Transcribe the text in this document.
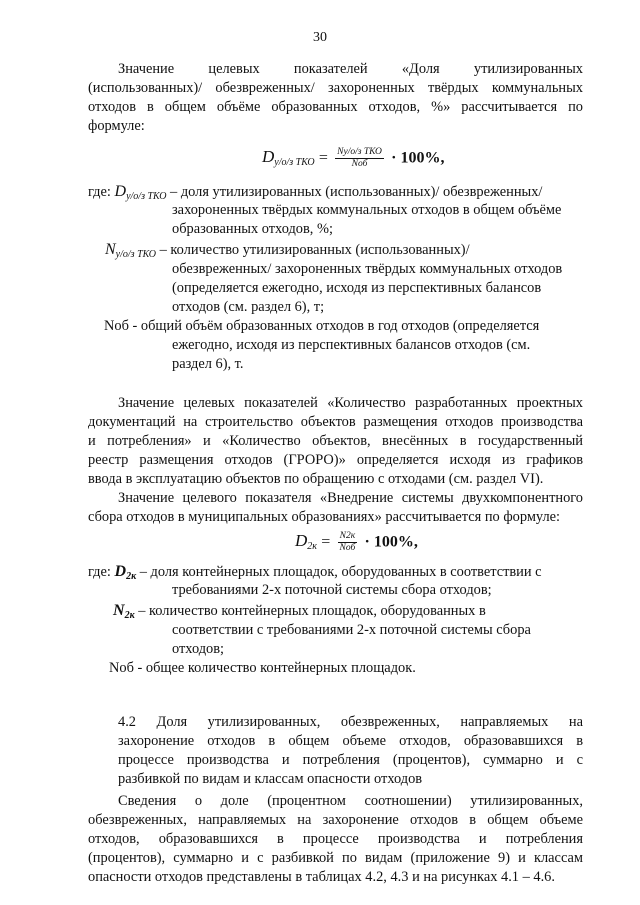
30
Значение целевых показателей «Доля утилизированных
(использованных)/ обезвреженных/ захороненных твёрдых коммунальных
отходов в общем объёме образованных отходов, %» рассчитывается по
формуле:
$D_{у/о/з ТКО} = \frac{\text{Nу/о/з ТКО}}{\text{Nоб}} \cdot 100\%$,
где: $D_{у/о/з ТКО}$ – доля утилизированных (использованных)/ обезвреженных/
захороненных твёрдых коммунальных отходов в общем объёме
образованных отходов, %;
$N_{у/о/з ТКО}$ – количество утилизированных (использованных)/
обезвреженных/ захороненных твёрдых коммунальных отходов
(определяется ежегодно, исходя из перспективных балансов
отходов (см. раздел 6), т;
Nоб - общий объём образованных отходов в год отходов (определяется
ежегодно, исходя из перспективных балансов отходов (см.
раздел 6), т.
Значение целевых показателей «Количество разработанных проектных
документаций на строительство объектов размещения отходов производства
и потребления» и «Количество объектов, внесённых в государственный
реестр размещения отходов (ГРОРО)» определяется исходя из графиков
ввода в эксплуатацию объектов по обращению с отходами (см. раздел VI).
Значение целевого показателя «Внедрение системы двухкомпонентного
сбора отходов в муниципальных образованиях» рассчитывается по формуле:
$D_{2к} = \frac{N2к}{\text{Nоб}} \cdot 100\%$,
где: $D_{2к}$ – доля контейнерных площадок, оборудованных в соответствии с
требованиями 2-х поточной системы сбора отходов;
$N_{2к}$ – количество контейнерных площадок, оборудованных в
соответствии с требованиями 2-х поточной системы сбора
отходов;
Nоб - общее количество контейнерных площадок.
4.2 Доля утилизированных, обезвреженных, направляемых на
захоронение отходов в общем объеме отходов, образовавшихся в
процессе производства и потребления (процентов), суммарно и с
разбивкой по видам и классам опасности отходов
Сведения о доле (процентном соотношении) утилизированных,
обезвреженных, направляемых на захоронение отходов в общем объеме
отходов, образовавшихся в процессе производства и потребления
(процентов), суммарно и с разбивкой по видам (приложение 9) и классам
опасности отходов представлены в таблицах 4.2, 4.3 и на рисунках 4.1 – 4.6.
